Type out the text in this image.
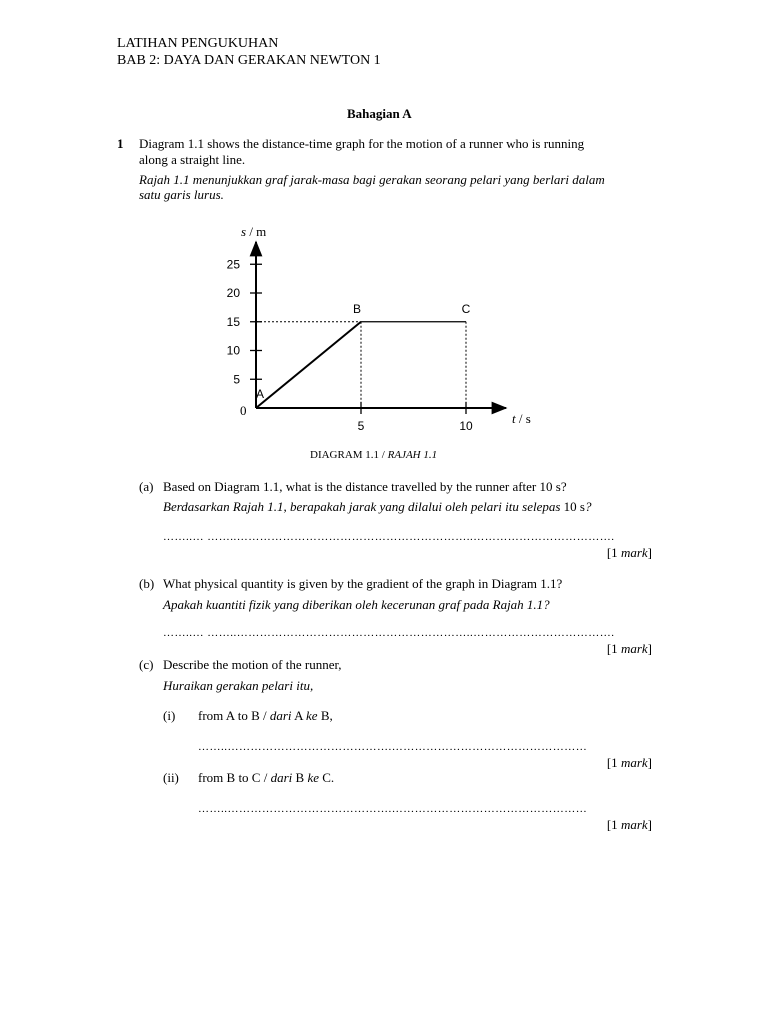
LATIHAN PENGUKUHAN
BAB 2: DAYA DAN GERAKAN NEWTON 1
Bahagian A
1 Diagram 1.1 shows the distance-time graph for the motion of a runner who is running
along a straight line.
Rajah 1.1 menunjukkan graf jarak-masa bagi gerakan seorang pelari yang berlari dalam
satu garis lurus.
s / m
t / s
0
5
10
15
20
25
5	10
A
B	C
DIAGRAM 1.1 / RAJAH 1.1
(a) Based on Diagram 1.1, what is the distance travelled by the runner after 10 s?
Berdasarkan Rajah 1.1, berapakah jarak yang dilalui oleh pelari itu selepas 10 s?
……..… ……..……………………………………………………..……………………………….
[1 mark]
(b) What physical quantity is given by the gradient of the graph in Diagram 1.1?
Apakah kuantiti fizik yang diberikan oleh kecerunan graf pada Rajah 1.1?
……..… ……..……………………………………………………..……………………………….
[1 mark]
(c) Describe the motion of the runner,
Huraikan gerakan pelari itu,
(i) from A to B / dari A ke B,
……..…………………………………….……………………………………………
[1 mark]
(ii) from B to C / dari B ke C.
……..…………………………………….……………………………………………
[1 mark]
